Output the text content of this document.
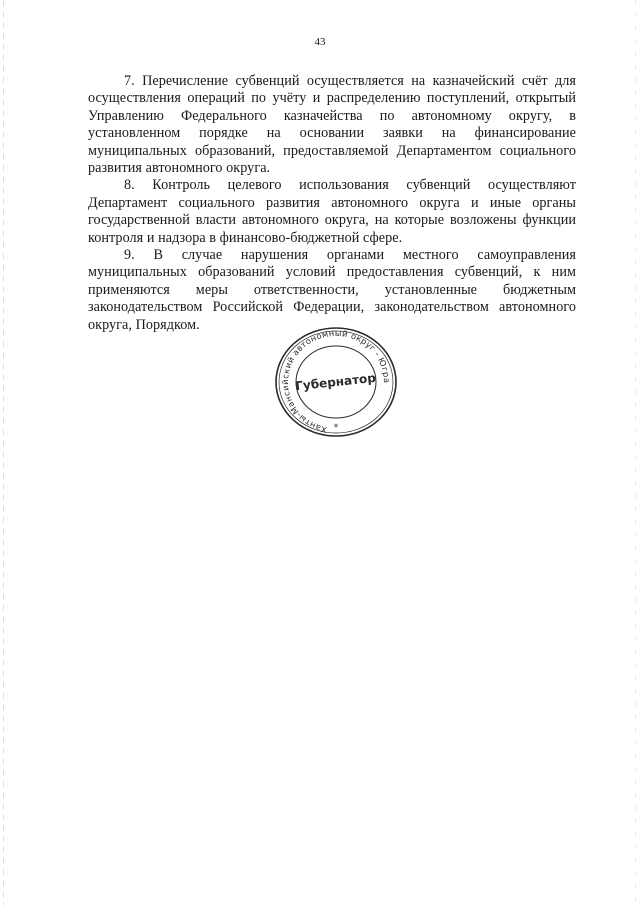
43

7. Перечисление субвенций осуществляется на казначейский счёт для осуществления операций по учёту и распределению поступлений, открытый Управлению Федерального казначейства по автономному округу, в установленном порядке на основании заявки на финансирование муниципальных образований, предоставляемой Департаментом социального развития автономного округа.

8. Контроль целевого использования субвенций осуществляют Департамент социального развития автономного округа и иные органы государственной власти автономного округа, на которые возложены функции контроля и надзора в финансово-бюджетной сфере.

9. В случае нарушения органами местного самоуправления муниципальных образований условий предоставления субвенций, к ним применяются меры ответственности, установленные бюджетным законодательством Российской Федерации, законодательством автономного округа, Порядком.

Ханты-Мансийский автономный округ - Югра
Губернатор
*
